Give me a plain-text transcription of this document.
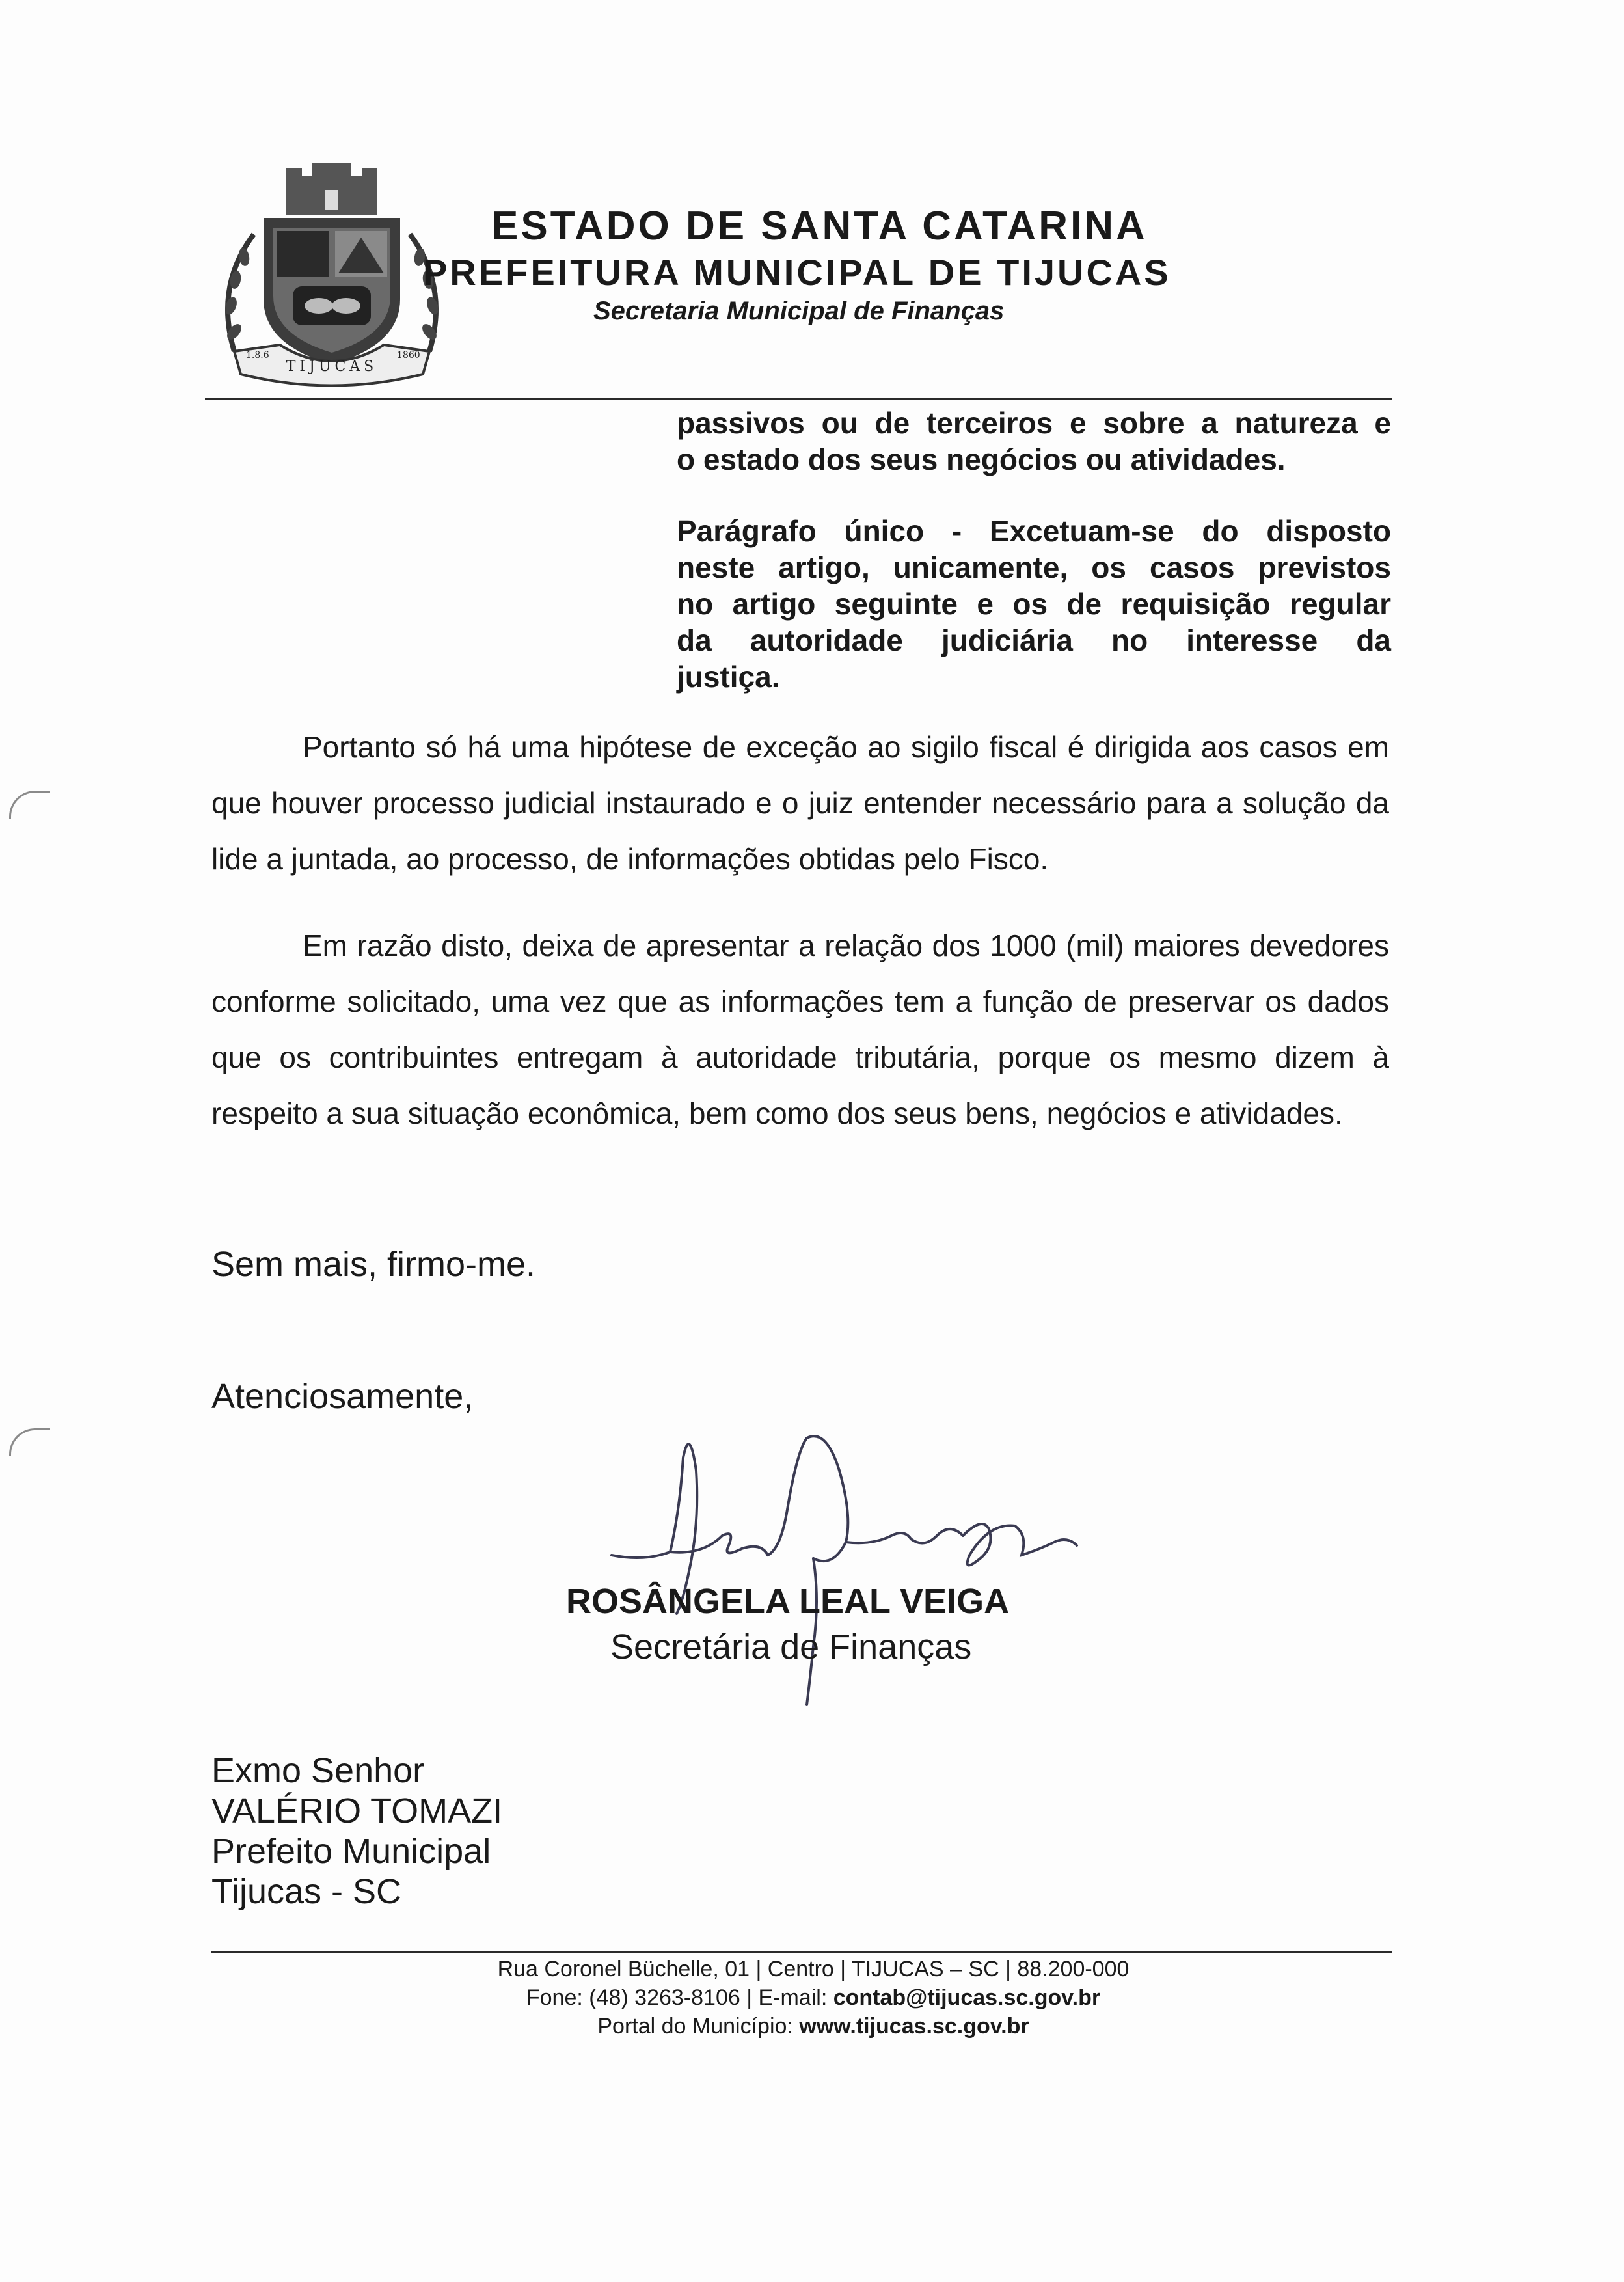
TIJUCAS
1.8.6	1860
ESTADO DE SANTA CATARINA
PREFEITURA MUNICIPAL DE TIJUCAS
Secretaria Municipal de Finanças

passivos ou de terceiros e sobre a natureza e

o estado dos seus negócios ou atividades.

Parágrafo único - Excetuam-se do disposto

neste artigo, unicamente, os casos previstos

no artigo seguinte e os de requisição regular

da autoridade judiciária no interesse da

justiça.

Portanto só há uma hipótese de exceção ao sigilo fiscal é dirigida aos casos em que houver processo judicial instaurado e o juiz entender necessário para a solução da lide a juntada, ao processo, de informações obtidas pelo Fisco.

Em razão disto, deixa de apresentar a relação dos 1000 (mil) maiores devedores conforme solicitado, uma vez que as informações tem a função de preservar os dados que os contribuintes entregam à autoridade tributária, porque os mesmo dizem à respeito a sua situação econômica, bem como dos seus bens, negócios e atividades.

Sem mais, firmo-me.

Atenciosamente,

ROSÂNGELA LEAL VEIGA
Secretária de Finanças
Exmo Senhor
VALÉRIO TOMAZI
Prefeito Municipal
Tijucas - SC
Rua Coronel Büchelle, 01 | Centro | TIJUCAS – SC | 88.200-000
Fone: (48) 3263-8106 | E-mail: contab@tijucas.sc.gov.br
Portal do Município: www.tijucas.sc.gov.br
